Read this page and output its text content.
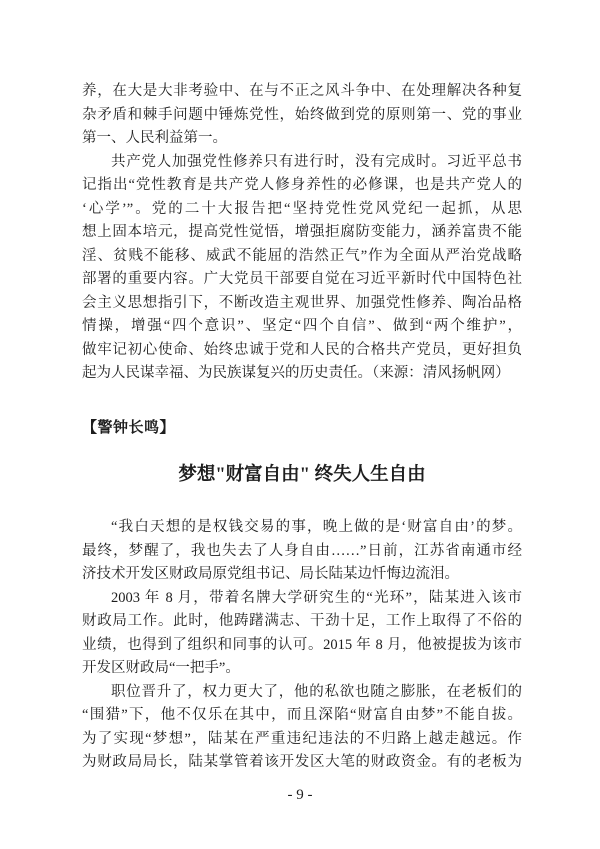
养，在大是大非考验中、在与不正之风斗争中、在处理解决各种复
杂矛盾和棘手问题中锤炼党性，始终做到党的原则第一、党的事业
第一、人民利益第一。
共产党人加强党性修养只有进行时，没有完成时。习近平总书
记指出“党性教育是共产党人修身养性的必修课，也是共产党人的
‘心学’”。党的二十大报告把“坚持党性党风党纪一起抓，从思
想上固本培元，提高党性觉悟，增强拒腐防变能力，涵养富贵不能
淫、贫贱不能移、威武不能屈的浩然正气”作为全面从严治党战略
部署的重要内容。广大党员干部要自觉在习近平新时代中国特色社
会主义思想指引下，不断改造主观世界、加强党性修养、陶冶品格
情操，增强“四个意识”、坚定“四个自信”、做到“两个维护”，
做牢记初心使命、始终忠诚于党和人民的合格共产党员，更好担负
起为人民谋幸福、为民族谋复兴的历史责任。（来源：清风扬帆网）
【警钟长鸣】
梦想"财富自由" 终失人生自由
“我白天想的是权钱交易的事，晚上做的是‘财富自由’的梦。
最终，梦醒了，我也失去了人身自由……”日前，江苏省南通市经
济技术开发区财政局原党组书记、局长陆某边忏悔边流泪。
2003 年 8 月，带着名牌大学研究生的“光环”，陆某进入该市
财政局工作。此时，他踌躇满志、干劲十足，工作上取得了不俗的
业绩，也得到了组织和同事的认可。2015 年 8 月，他被提拔为该市
开发区财政局“一把手”。
职位晋升了，权力更大了，他的私欲也随之膨胀，在老板们的
“围猎”下，他不仅乐在其中，而且深陷“财富自由梦”不能自拔。
为了实现“梦想”，陆某在严重违纪违法的不归路上越走越远。作
为财政局局长，陆某掌管着该开发区大笔的财政资金。有的老板为
- 9 -
